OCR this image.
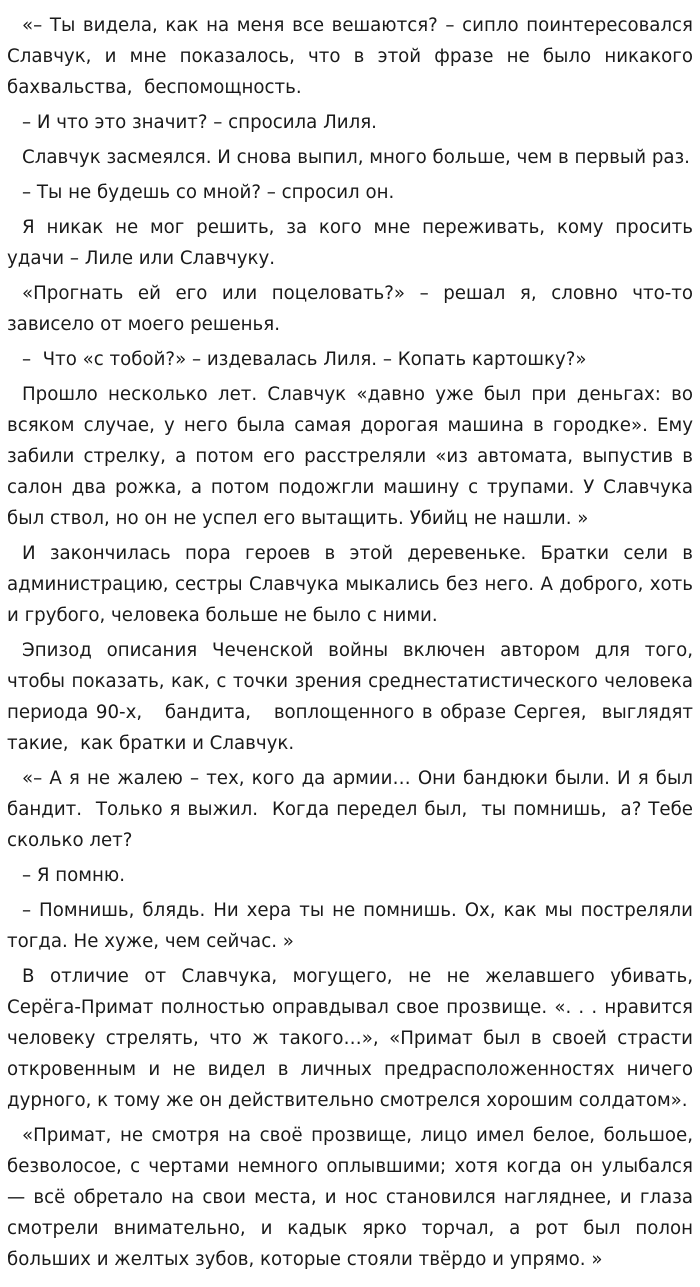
«– Ты видела, как на меня все вешаются? – сипло поинтересовался Славчук, и мне показалось, что в этой фразе не было никакого бахвальства,  беспомощность.

– И что это значит? – спросила Лиля.

Славчук засмеялся. И снова выпил, много больше, чем в первый раз.

– Ты не будешь со мной? – спросил он.

Я никак не мог решить, за кого мне переживать, кому просить удачи – Лиле или Славчуку.

«Прогнать ей его или поцеловать?» – решал я, словно что-то зависело от моего решенья.

–  Что «с тобой?» – издевалась Лиля. – Копать картошку?»

Прошло несколько лет. Славчук «давно уже был при деньгах: во всяком случае, у него была самая дорогая машина в городке». Ему забили стрелку, а потом его расстреляли «из автомата, выпустив в салон два рожка, а потом подожгли машину с трупами. У Славчука был ствол, но он не успел его вытащить. Убийц не нашли. »

И закончилась пора героев в этой деревеньке. Братки сели в администрацию, сестры Славчука мыкались без него. А доброго, хоть и грубого, человека больше не было с ними.

Эпизод описания Чеченской войны включен автором для того, чтобы показать, как, с точки зрения среднестатистического человека периода 90-х,   бандита,   воплощенного в образе Сергея,  выглядят такие,  как братки и Славчук.

«– А я не жалею – тех, кого да армии… Они бандюки были. И я был бандит.  Только я выжил.  Когда передел был,  ты помнишь,  а? Тебе сколько лет?

– Я помню.

– Помнишь, блядь. Ни хера ты не помнишь. Ох, как мы постреляли тогда. Не хуже, чем сейчас. »

В отличие от Славчука, могущего, не не желавшего убивать, Серёга-Примат полностью оправдывал свое прозвище. «. . . нравится человеку стрелять, что ж такого…», «Примат был в своей страсти откровенным и не видел в личных предрасположенностях ничего дурного, к тому же он действительно смотрелся хорошим солдатом».

«Примат, не смотря на своё прозвище, лицо имел белое, большое, безволосое, с чертами немного оплывшими; хотя когда он улыбался — всё обретало на свои места, и нос становился нагляднее, и глаза смотрели внимательно, и кадык ярко торчал, а рот был полон больших и желтых зубов, которые стояли твёрдо и упрямо. »
